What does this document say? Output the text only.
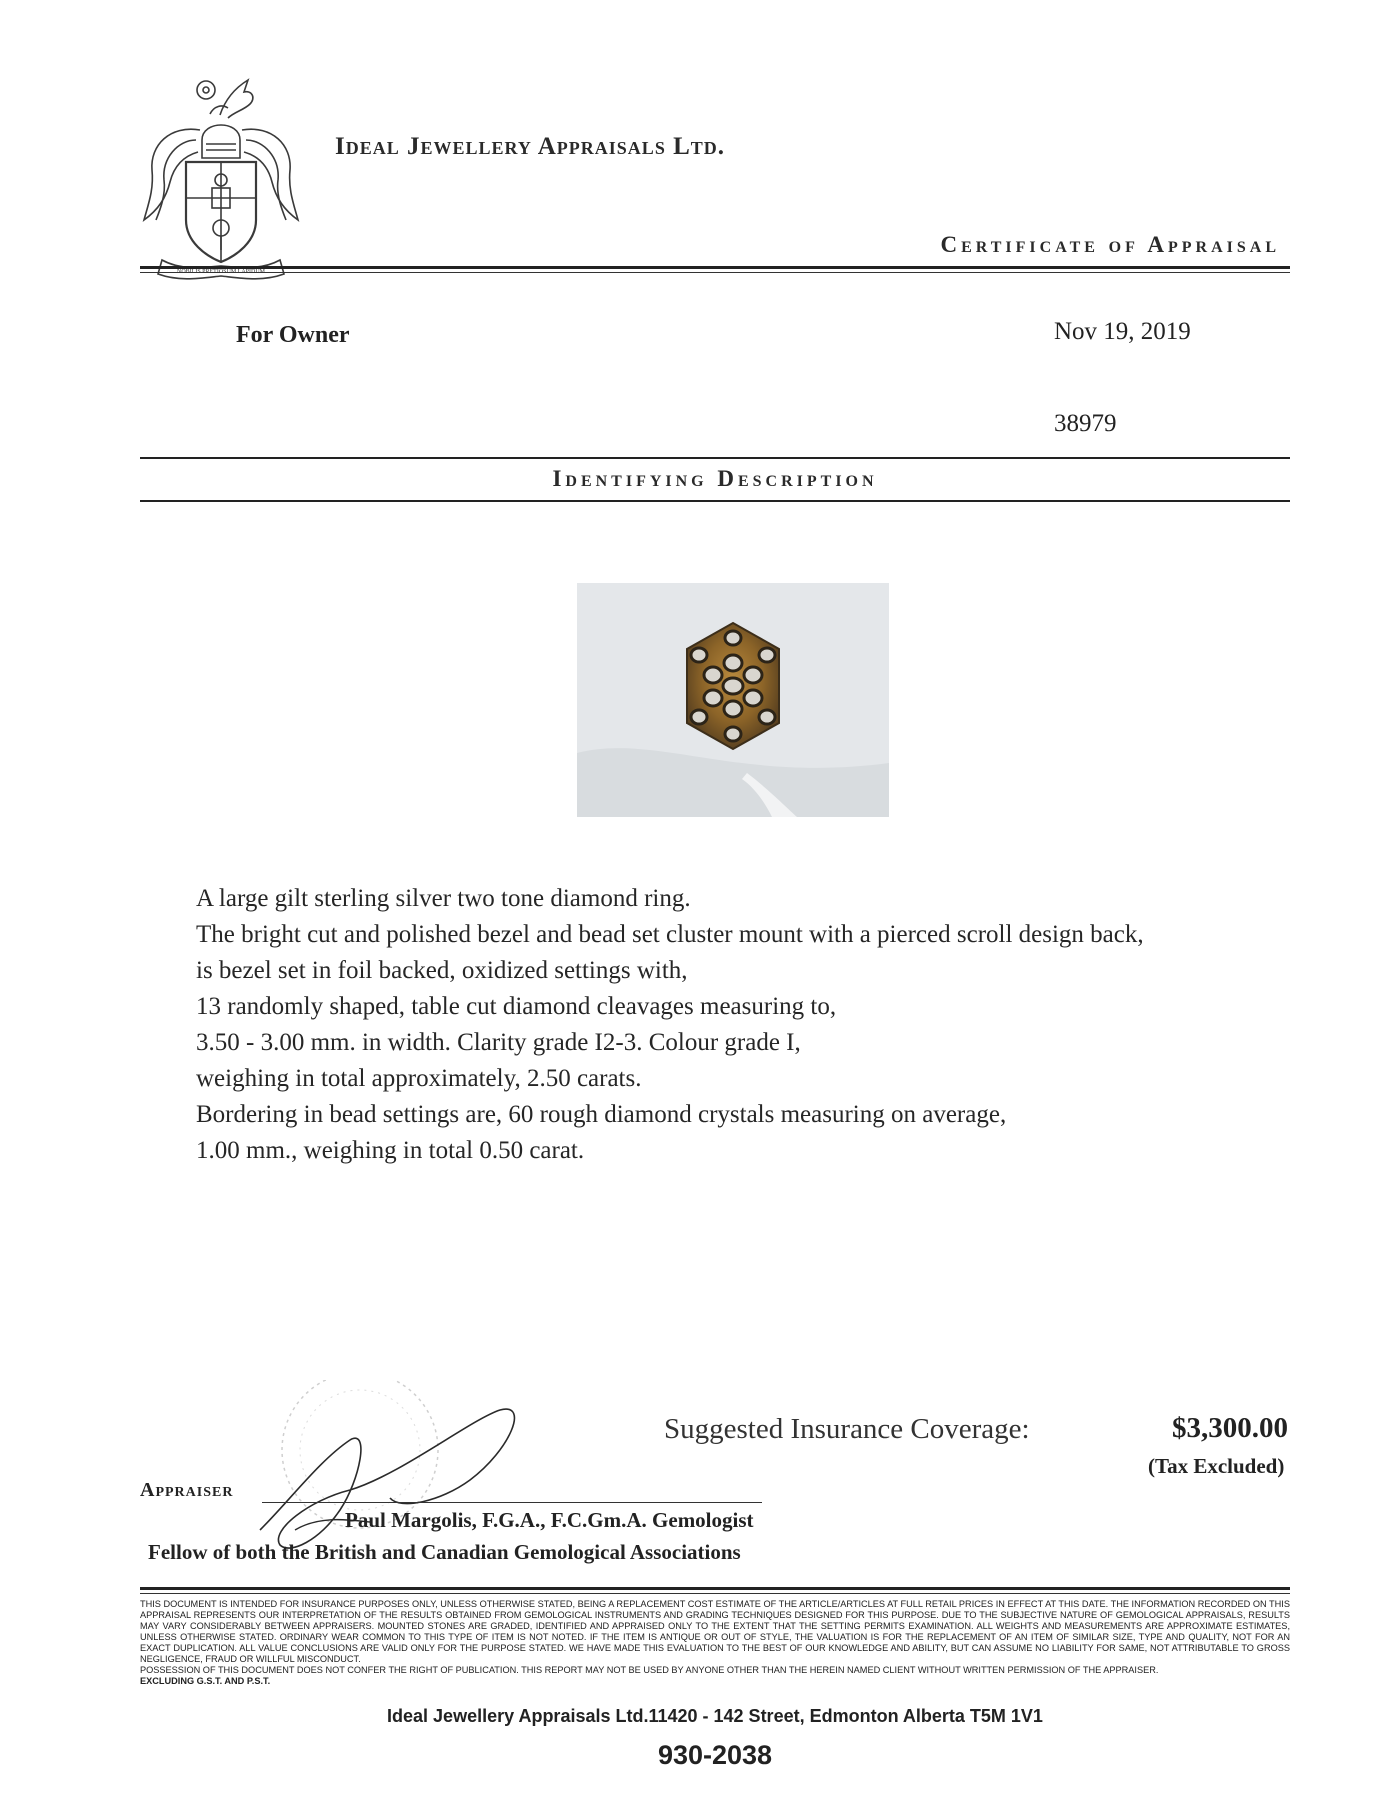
Ideal Jewellery Appraisals Ltd.
Certificate of Appraisal
For Owner	Nov 19, 2019
38979
Identifying Description
A large gilt sterling silver two tone diamond ring.
The bright cut and polished bezel and bead set cluster mount with a pierced scroll design back,
is bezel set in foil backed, oxidized settings with,
13 randomly shaped, table cut diamond cleavages measuring to,
3.50 - 3.00 mm. in width. Clarity grade I2-3. Colour grade I,
weighing in total approximately, 2.50 carats.
Bordering in bead settings are, 60 rough diamond crystals measuring on average,
1.00 mm., weighing in total 0.50 carat.
Suggested Insurance Coverage:	$3,300.00
(Tax Excluded)
Appraiser
Paul Margolis, F.G.A., F.C.Gm.A. Gemologist
Fellow of both the British and Canadian Gemological Associations

THIS DOCUMENT IS INTENDED FOR INSURANCE PURPOSES ONLY, UNLESS OTHERWISE STATED, BEING A REPLACEMENT COST ESTIMATE OF THE ARTICLE/ARTICLES AT FULL RETAIL PRICES IN EFFECT AT THIS DATE. THE INFORMATION RECORDED ON THIS APPRAISAL REPRESENTS OUR INTERPRETATION OF THE RESULTS OBTAINED FROM GEMOLOGICAL INSTRUMENTS AND GRADING TECHNIQUES DESIGNED FOR THIS PURPOSE. DUE TO THE SUBJECTIVE NATURE OF GEMOLOGICAL APPRAISALS, RESULTS MAY VARY CONSIDERABLY BETWEEN APPRAISERS. MOUNTED STONES ARE GRADED, IDENTIFIED AND APPRAISED ONLY TO THE EXTENT THAT THE SETTING PERMITS EXAMINATION. ALL WEIGHTS AND MEASUREMENTS ARE APPROXIMATE ESTIMATES, UNLESS OTHERWISE STATED. ORDINARY WEAR COMMON TO THIS TYPE OF ITEM IS NOT NOTED. IF THE ITEM IS ANTIQUE OR OUT OF STYLE, THE VALUATION IS FOR THE REPLACEMENT OF AN ITEM OF SIMILAR SIZE, TYPE AND QUALITY, NOT FOR AN EXACT DUPLICATION. ALL VALUE CONCLUSIONS ARE VALID ONLY FOR THE PURPOSE STATED. WE HAVE MADE THIS EVALUATION TO THE BEST OF OUR KNOWLEDGE AND ABILITY, BUT CAN ASSUME NO LIABILITY FOR SAME, NOT ATTRIBUTABLE TO GROSS NEGLIGENCE, FRAUD OR WILLFUL MISCONDUCT.

POSSESSION OF THIS DOCUMENT DOES NOT CONFER THE RIGHT OF PUBLICATION. THIS REPORT MAY NOT BE USED BY ANYONE OTHER THAN THE HEREIN NAMED CLIENT WITHOUT WRITTEN PERMISSION OF THE APPRAISER.

EXCLUDING G.S.T. AND P.S.T.

Ideal Jewellery Appraisals Ltd.11420 - 142 Street, Edmonton Alberta T5M 1V1
930-2038
